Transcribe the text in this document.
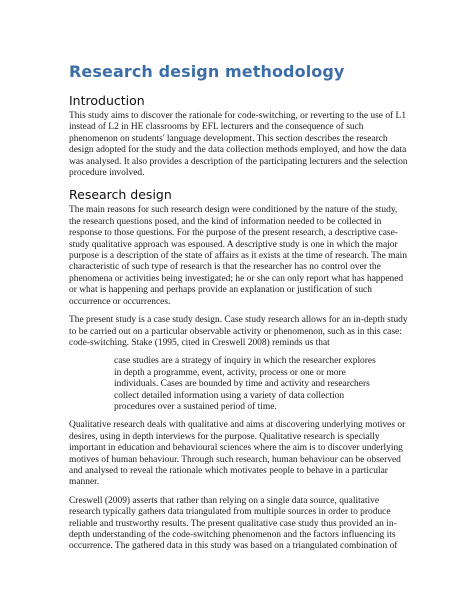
Research design methodology
Introduction

This study aims to discover the rationale for code-switching, or reverting to the use of L1 instead of L2 in HE classrooms by EFL lecturers and the consequence of such phenomenon on students' language development. This section describes the research design adopted for the study and the data collection methods employed, and how the data was analysed. It also provides a description of the participating lecturers and the selection procedure involved.

Research design

The main reasons for such research design were conditioned by the nature of the study, the research questions posed, and the kind of information needed to be collected in response to those questions. For the purpose of the present research, a descriptive case-study qualitative approach was espoused. A descriptive study is one in which the major purpose is a description of the state of affairs as it exists at the time of research. The main characteristic of such type of research is that the researcher has no control over the phenomena or activities being investigated; he or she can only report what has happened or what is happening and perhaps provide an explanation or justification of such occurrence or occurrences.

The present study is a case study design. Case study research allows for an in-depth study to be carried out on a particular observable activity or phenomenon, such as in this case: code-switching. Stake (1995, cited in Creswell 2008) reminds us that

case studies are a strategy of inquiry in which the researcher explores in depth a programme, event, activity, process or one or more individuals. Cases are bounded by time and activity and researchers collect detailed information using a variety of data collection procedures over a sustained period of time.

Qualitative research deals with qualitative and aims at discovering underlying motives or desires, using in depth interviews for the purpose. Qualitative research is specially important in education and behavioural sciences where the aim is to discover underlying motives of human behaviour. Through such research, human behaviour can be observed and analysed to reveal the rationale which motivates people to behave in a particular manner.

Creswell (2009) asserts that rather than relying on a single data source, qualitative research typically gathers data triangulated from multiple sources in order to produce reliable and trustworthy results. The present qualitative case study thus provided an in-depth understanding of the code-switching phenomenon and the factors influencing its occurrence. The gathered data in this study was based on a triangulated combination of
